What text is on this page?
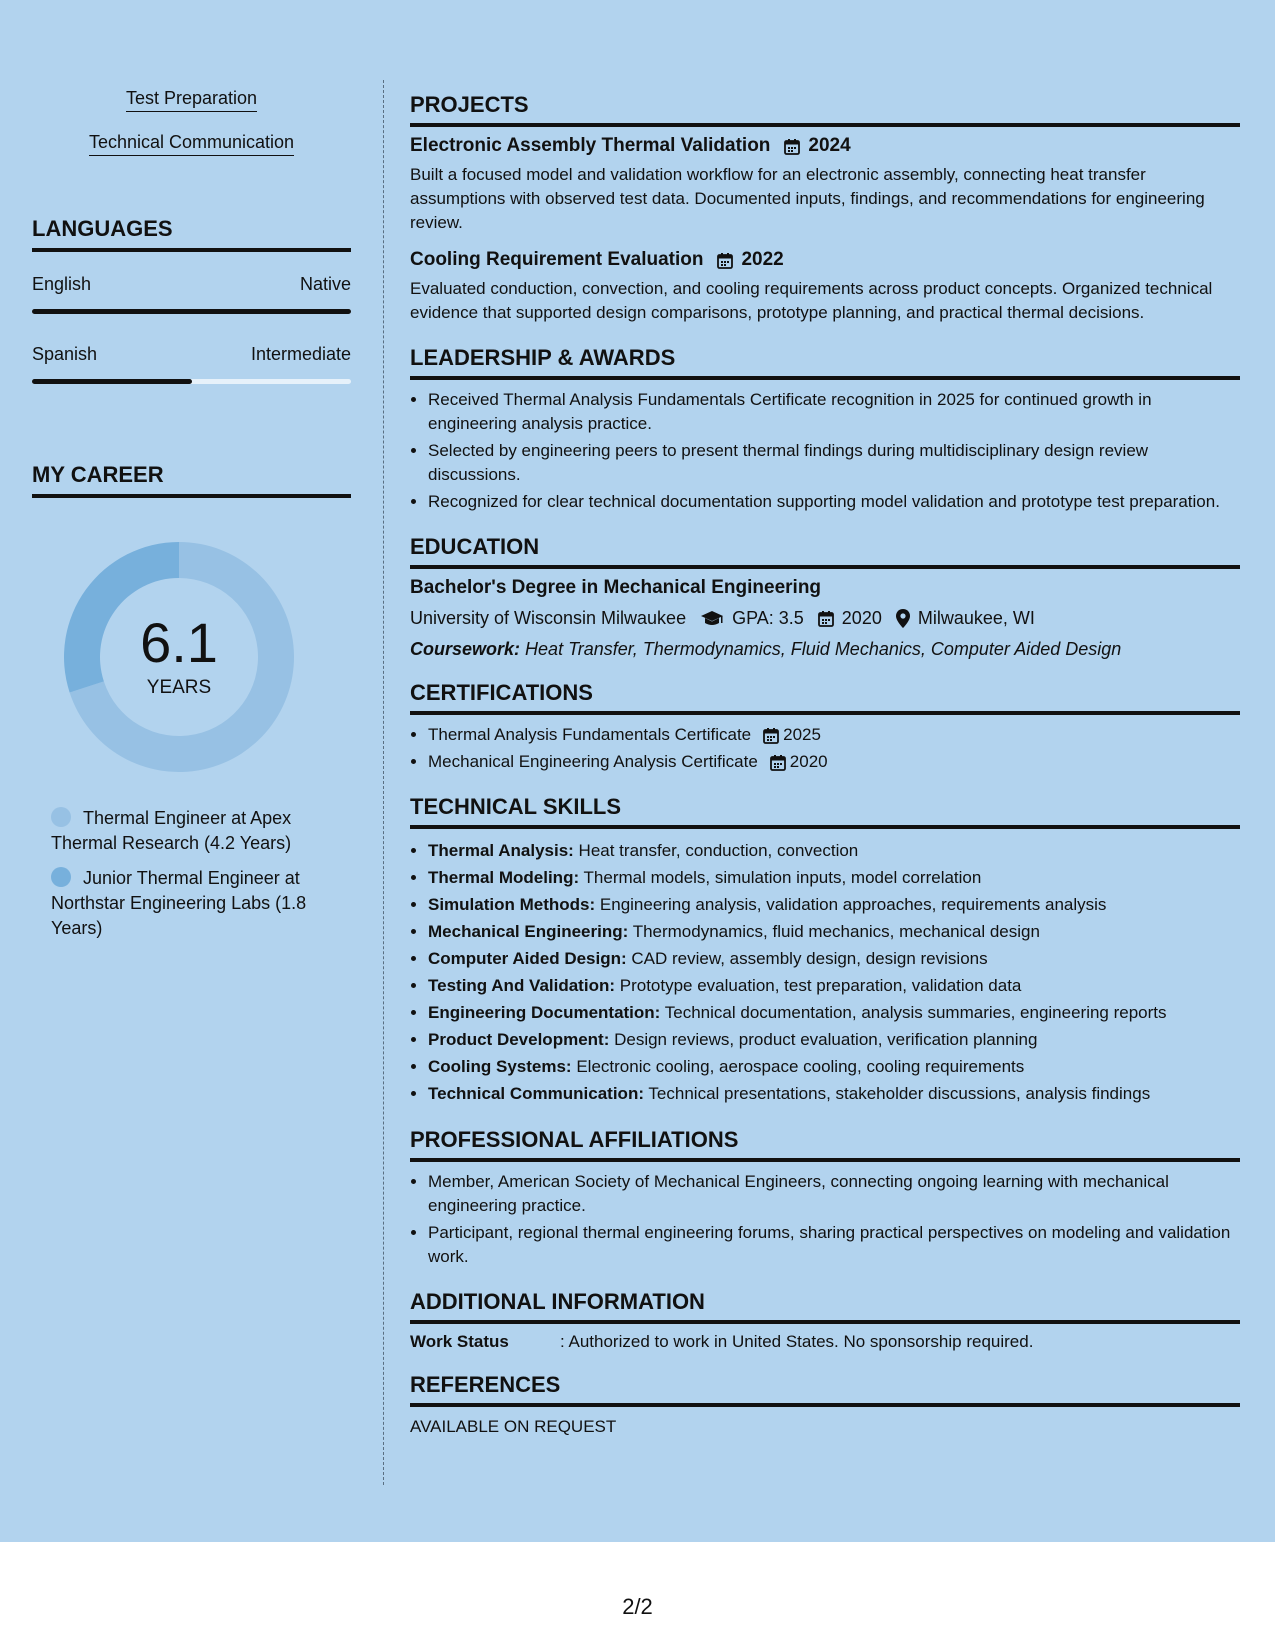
Test Preparation
Technical Communication
LANGUAGES
English	Native
Spanish	Intermediate
MY CAREER
6.1
YEARS
Thermal Engineer at Apex Thermal Research (4.2 Years)
Junior Thermal Engineer at Northstar Engineering Labs (1.8 Years)
PROJECTS
Electronic Assembly Thermal Validation 2024
Built a focused model and validation workflow for an electronic assembly, connecting heat transfer assumptions with observed test data. Documented inputs, findings, and recommendations for engineering review.
Cooling Requirement Evaluation 2022
Evaluated conduction, convection, and cooling requirements across product concepts. Organized technical evidence that supported design comparisons, prototype planning, and practical thermal decisions.
LEADERSHIP & AWARDS
• Received Thermal Analysis Fundamentals Certificate recognition in 2025 for continued growth in engineering analysis practice.
• Selected by engineering peers to present thermal findings during multidisciplinary design review discussions.
• Recognized for clear technical documentation supporting model validation and prototype test preparation.
EDUCATION
Bachelor's Degree in Mechanical Engineering
University of Wisconsin Milwaukee	GPA: 3.5 2020 Milwaukee, WI
Coursework: Heat Transfer, Thermodynamics, Fluid Mechanics, Computer Aided Design
CERTIFICATIONS
• Thermal Analysis Fundamentals Certificate 2025
• Mechanical Engineering Analysis Certificate 2020
TECHNICAL SKILLS
• Thermal Analysis: Heat transfer, conduction, convection
• Thermal Modeling: Thermal models, simulation inputs, model correlation
• Simulation Methods: Engineering analysis, validation approaches, requirements analysis
• Mechanical Engineering: Thermodynamics, fluid mechanics, mechanical design
• Computer Aided Design: CAD review, assembly design, design revisions
• Testing And Validation: Prototype evaluation, test preparation, validation data
• Engineering Documentation: Technical documentation, analysis summaries, engineering reports
• Product Development: Design reviews, product evaluation, verification planning
• Cooling Systems: Electronic cooling, aerospace cooling, cooling requirements
• Technical Communication: Technical presentations, stakeholder discussions, analysis findings
PROFESSIONAL AFFILIATIONS
• Member, American Society of Mechanical Engineers, connecting ongoing learning with mechanical engineering practice.
• Participant, regional thermal engineering forums, sharing practical perspectives on modeling and validation work.
ADDITIONAL INFORMATION
Work Status	: Authorized to work in United States. No sponsorship required.
REFERENCES
AVAILABLE ON REQUEST
2/2
